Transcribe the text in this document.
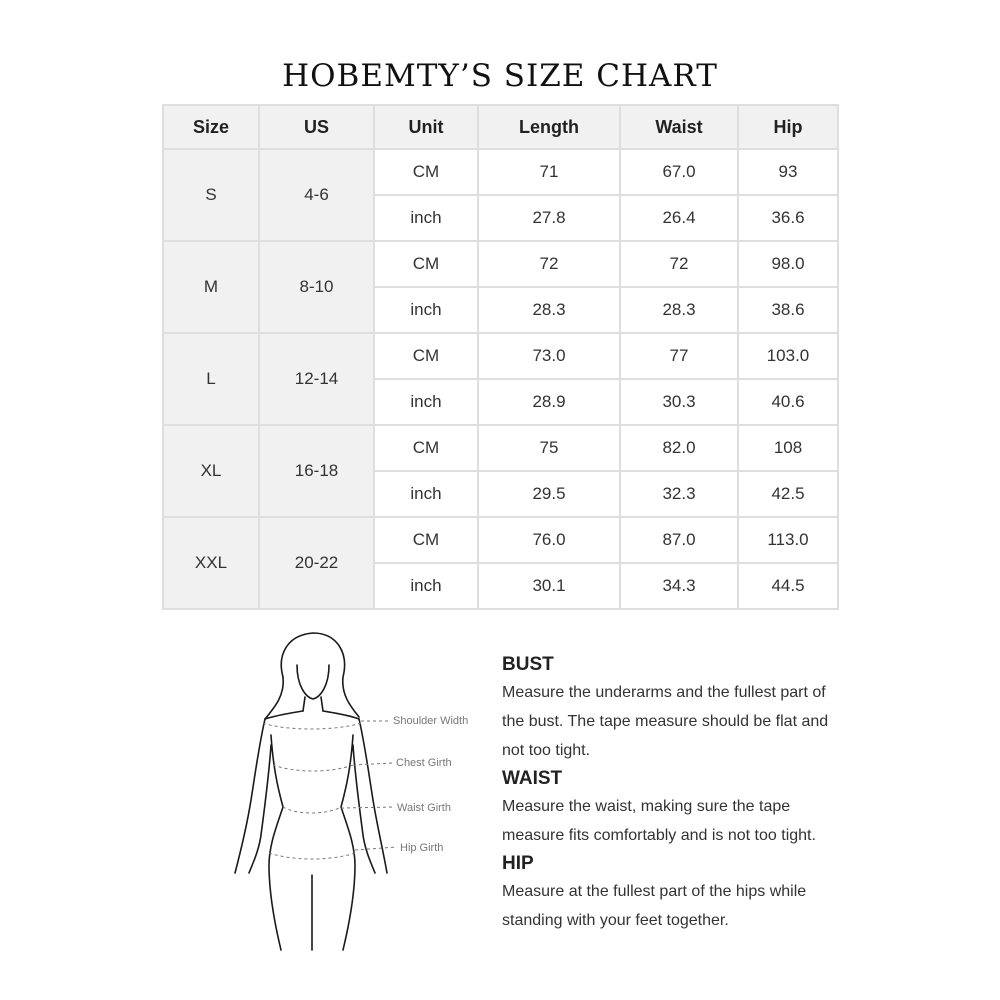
HOBEMTY’S SIZE CHART
Size	US	Unit	Length	Waist	Hip
S	4-6	CM	71	67.0	93
		inch	27.8	26.4	36.6
M	8-10	CM	72	72	98.0
		inch	28.3	28.3	38.6
L	12-14	CM	73.0	77	103.0
		inch	28.9	30.3	40.6
XL	16-18	CM	75	82.0	108
		inch	29.5	32.3	42.5
XXL	20-22	CM	76.0	87.0	113.0
		inch	30.1	34.3	44.5
Shoulder Width
Chest Girth
Waist Girth
Hip Girth
BUST
Measure the underarms and the fullest part of the bust. The tape measure should be flat and not too tight.
WAIST
Measure the waist, making sure the tape measure fits comfortably and is not too tight.
HIP
Measure at the fullest part of the hips while standing with your feet together.
